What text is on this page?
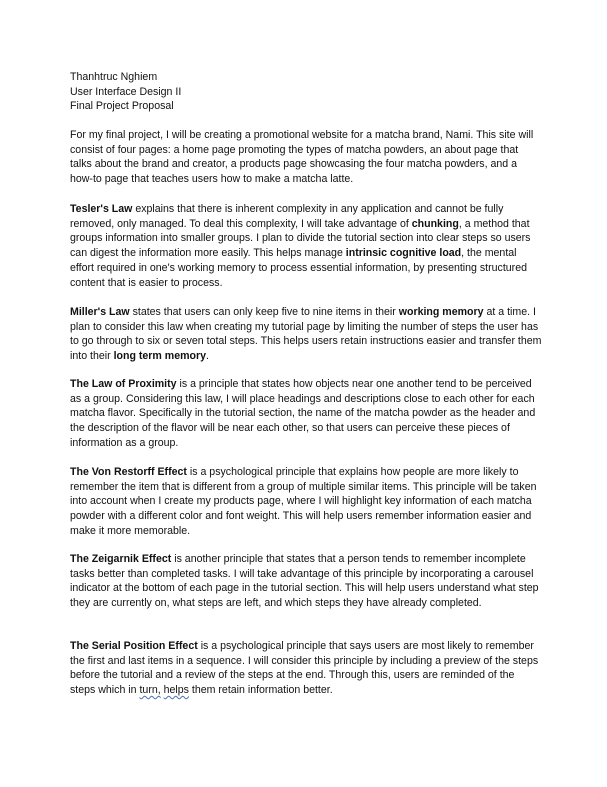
Thanhtruc Nghiem
User Interface Design II
Final Project Proposal

For my final project, I will be creating a promotional website for a matcha brand, Nami. This site will consist of four pages: a home page promoting the types of matcha powders, an about page that talks about the brand and creator, a products page showcasing the four matcha powders, and a how-to page that teaches users how to make a matcha latte.

Tesler's Law explains that there is inherent complexity in any application and cannot be fully removed, only managed. To deal this complexity, I will take advantage of chunking, a method that groups information into smaller groups. I plan to divide the tutorial section into clear steps so users can digest the information more easily. This helps manage intrinsic cognitive load, the mental effort required in one's working memory to process essential information, by presenting structured content that is easier to process.

Miller's Law states that users can only keep five to nine items in their working memory at a time. I plan to consider this law when creating my tutorial page by limiting the number of steps the user has to go through to six or seven total steps. This helps users retain instructions easier and transfer them into their long term memory.

The Law of Proximity is a principle that states how objects near one another tend to be perceived as a group. Considering this law, I will place headings and descriptions close to each other for each matcha flavor. Specifically in the tutorial section, the name of the matcha powder as the header and the description of the flavor will be near each other, so that users can perceive these pieces of information as a group.

The Von Restorff Effect is a psychological principle that explains how people are more likely to remember the item that is different from a group of multiple similar items. This principle will be taken into account when I create my products page, where I will highlight key information of each matcha powder with a different color and font weight. This will help users remember information easier and make it more memorable.

The Zeigarnik Effect is another principle that states that a person tends to remember incomplete tasks better than completed tasks. I will take advantage of this principle by incorporating a carousel indicator at the bottom of each page in the tutorial section. This will help users understand what step they are currently on, what steps are left, and which steps they have already completed.

The Serial Position Effect is a psychological principle that says users are most likely to remember the first and last items in a sequence. I will consider this principle by including a preview of the steps before the tutorial and a review of the steps at the end. Through this, users are reminded of the steps which in turn, helps them retain information better.
